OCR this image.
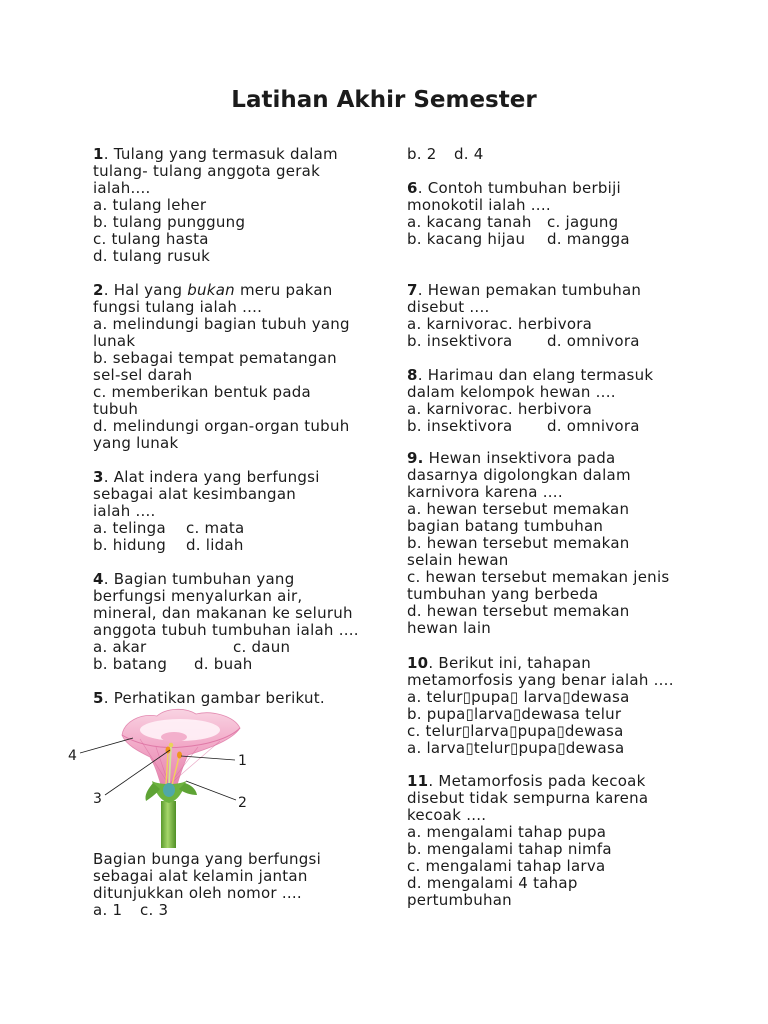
Latihan Akhir Semester
1. Tulang yang termasuk dalam
tulang- tulang anggota gerak
ialah....
a. tulang leher
b. tulang punggung
c. tulang hasta
d. tulang rusuk
2. Hal yang bukan meru pakan
fungsi tulang ialah ....
a. melindungi bagian tubuh yang
lunak
b. sebagai tempat pematangan
sel-sel darah
c. memberikan bentuk pada
tubuh
d. melindungi organ-organ tubuh
yang lunak
3. Alat indera yang berfungsi
sebagai alat kesimbangan
ialah ....
a. telinga c. mata
b. hidung d. lidah
4. Bagian tumbuhan yang
berfungsi menyalurkan air,
mineral, dan makanan ke seluruh
anggota tubuh tumbuhan ialah ....
a. akar	c. daun
b. batang d. buah
5. Perhatikan gambar berikut.
4	1
3	2
Bagian bunga yang berfungsi
sebagai alat kelamin jantan
ditunjukkan oleh nomor ....
a. 1 c. 3
b. 2 d. 4
6. Contoh tumbuhan berbiji
monokotil ialah ....
a. kacang tanah c. jagung
b. kacang hijau d. mangga
7. Hewan pemakan tumbuhan
disebut ....
a. karnivorac. herbivora
b. insektivora d. omnivora
8. Harimau dan elang termasuk
dalam kelompok hewan ....
a. karnivorac. herbivora
b. insektivora d. omnivora
9. Hewan insektivora pada
dasarnya digolongkan dalam
karnivora karena ....
a. hewan tersebut memakan
bagian batang tumbuhan
b. hewan tersebut memakan
selain hewan
c. hewan tersebut memakan jenis
tumbuhan yang berbeda
d. hewan tersebut memakan
hewan lain
10. Berikut ini, tahapan
metamorfosis yang benar ialah ....
a. telur▯pupa▯ larva▯dewasa
b. pupa▯larva▯dewasa telur
c. telur▯larva▯pupa▯dewasa
a. larva▯telur▯pupa▯dewasa
11. Metamorfosis pada kecoak
disebut tidak sempurna karena
kecoak ....
a. mengalami tahap pupa
b. mengalami tahap nimfa
c. mengalami tahap larva
d. mengalami 4 tahap
pertumbuhan
